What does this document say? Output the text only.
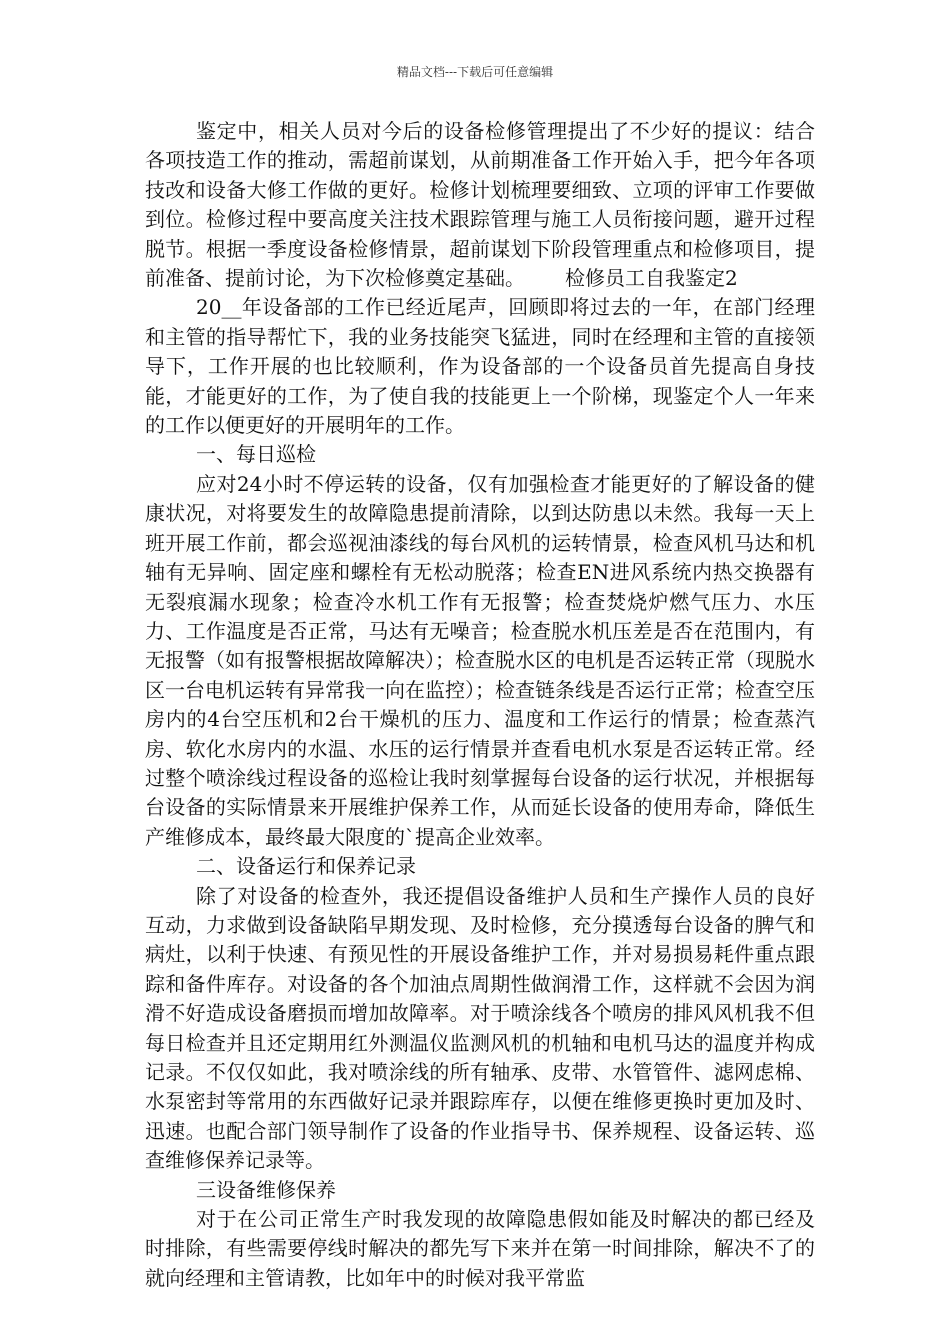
精品文档---下载后可任意编辑

鉴定中，相关人员对今后的设备检修管理提出了不少好的提议：结合各项技造工作的推动，需超前谋划，从前期准备工作开始入手，把今年各项技改和设备大修工作做的更好。检修计划梳理要细致、立项的评审工作要做到位。检修过程中要高度关注技术跟踪管理与施工人员衔接问题，避开过程脱节。根据一季度设备检修情景，超前谋划下阶段管理重点和检修项目，提前准备、提前讨论，为下次检修奠定基础。 检修员工自我鉴定2

20__年设备部的工作已经近尾声，回顾即将过去的一年，在部门经理和主管的指导帮忙下，我的业务技能突飞猛进，同时在经理和主管的直接领导下，工作开展的也比较顺利，作为设备部的一个设备员首先提高自身技能，才能更好的工作，为了使自我的技能更上一个阶梯，现鉴定个人一年来的工作以便更好的开展明年的工作。

一、每日巡检

应对24小时不停运转的设备，仅有加强检查才能更好的了解设备的健康状况，对将要发生的故障隐患提前清除，以到达防患以未然。我每一天上班开展工作前，都会巡视油漆线的每台风机的运转情景，检查风机马达和机轴有无异响、固定座和螺栓有无松动脱落；检查EN进风系统内热交换器有无裂痕漏水现象；检查冷水机工作有无报警；检查焚烧炉燃气压力、水压力、工作温度是否正常，马达有无噪音；检查脱水机压差是否在范围内，有无报警（如有报警根据故障解决）；检查脱水区的电机是否运转正常（现脱水区一台电机运转有异常我一向在监控）；检查链条线是否运行正常；检查空压房内的4台空压机和2台干燥机的压力、温度和工作运行的情景；检查蒸汽房、软化水房内的水温、水压的运行情景并查看电机水泵是否运转正常。经过整个喷涂线过程设备的巡检让我时刻掌握每台设备的运行状况，并根据每台设备的实际情景来开展维护保养工作，从而延长设备的使用寿命，降低生产维修成本，最终最大限度的`提高企业效率。

二、设备运行和保养记录

除了对设备的检查外，我还提倡设备维护人员和生产操作人员的良好互动，力求做到设备缺陷早期发现、及时检修，充分摸透每台设备的脾气和病灶，以利于快速、有预见性的开展设备维护工作，并对易损易耗件重点跟踪和备件库存。对设备的各个加油点周期性做润滑工作，这样就不会因为润滑不好造成设备磨损而增加故障率。对于喷涂线各个喷房的排风风机我不但每日检查并且还定期用红外测温仪监测风机的机轴和电机马达的温度并构成记录。不仅仅如此，我对喷涂线的所有轴承、皮带、水管管件、滤网虑棉、水泵密封等常用的东西做好记录并跟踪库存，以便在维修更换时更加及时、迅速。也配合部门领导制作了设备的作业指导书、保养规程、设备运转、巡查维修保养记录等。

三设备维修保养

对于在公司正常生产时我发现的故障隐患假如能及时解决的都已经及时排除，有些需要停线时解决的都先写下来并在第一时间排除，解决不了的就向经理和主管请教，比如年中的时候对我平常监
